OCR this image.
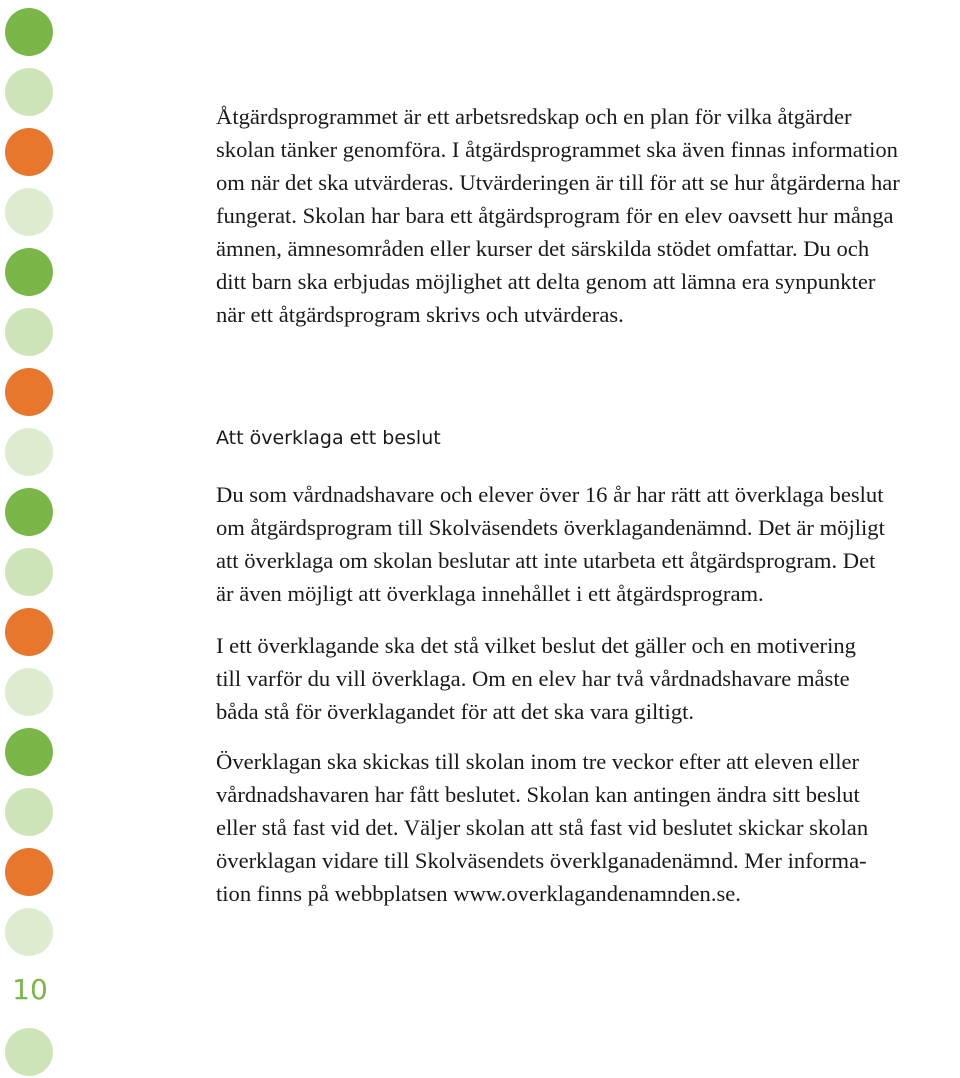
10

Åtgärdsprogrammet är ett arbetsredskap och en plan för vilka åtgärder
skolan tänker genomföra. I åtgärdsprogrammet ska även finnas information
om när det ska utvärderas. Utvärderingen är till för att se hur åtgärderna har
fungerat. Skolan har bara ett åtgärdsprogram för en elev oavsett hur många
ämnen, ämnesområden eller kurser det särskilda stödet omfattar. Du och
ditt barn ska erbjudas möjlighet att delta genom att lämna era synpunkter
när ett åtgärdsprogram skrivs och utvärderas.

Att överklaga ett beslut

Du som vårdnadshavare och elever över 16 år har rätt att överklaga beslut
om åtgärdsprogram till Skolväsendets överklagandenämnd. Det är möjligt
att överklaga om skolan beslutar att inte utarbeta ett åtgärdsprogram. Det
är även möjligt att överklaga innehållet i ett åtgärdsprogram.

I ett överklagande ska det stå vilket beslut det gäller och en motivering
till varför du vill överklaga. Om en elev har två vårdnadshavare måste
båda stå för överklagandet för att det ska vara giltigt.

Överklagan ska skickas till skolan inom tre veckor efter att eleven eller
vårdnadshavaren har fått beslutet. Skolan kan antingen ändra sitt beslut
eller stå fast vid det. Väljer skolan att stå fast vid beslutet skickar skolan
överklagan vidare till Skolväsendets överklganadenämnd. Mer informa-
tion finns på webbplatsen www.overklagandenamnden.se.
